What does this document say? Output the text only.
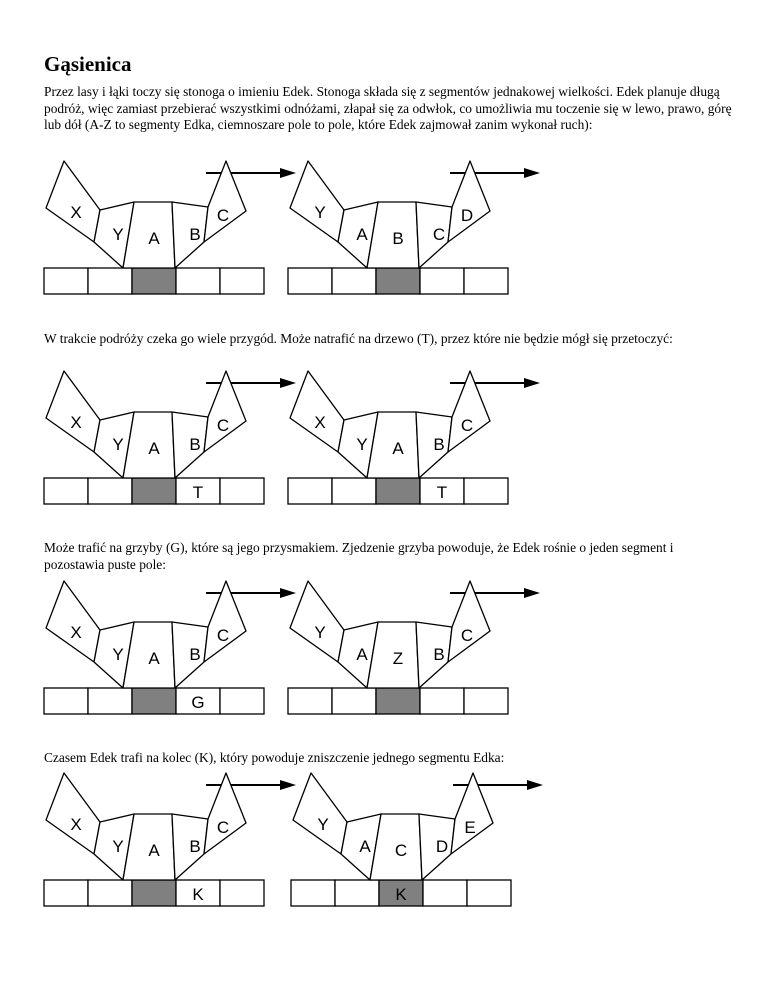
Gąsienica

Przez lasy i łąki toczy się stonoga o imieniu Edek. Stonoga składa się z segmentów jednakowej wielkości. Edek planuje długą podróż, więc zamiast przebierać wszystkimi odnóżami, złapał się za odwłok, co umożliwia mu toczenie się w lewo, prawo, górę lub dół (A-Z to segmenty Edka, ciemnoszare pole to pole, które Edek zajmował zanim wykonał ruch):

X
Y A B
C	Y
A B C
D

W trakcie podróży czeka go wiele przygód. Może natrafić na drzewo (T), przez które nie będzie mógł się przetoczyć:

T
X
Y A B
C
T
X
Y A B
C

Może trafić na grzyby (G), które są jego przysmakiem. Zjedzenie grzyba powoduje, że Edek rośnie o jeden segment i pozostawia puste pole:

G
X
Y A B
C	Y
A Z B
C

Czasem Edek trafi na kolec (K), który powoduje zniszczenie jednego segmentu Edka:

K
X
Y A B
C
K
Y
A C D
E
